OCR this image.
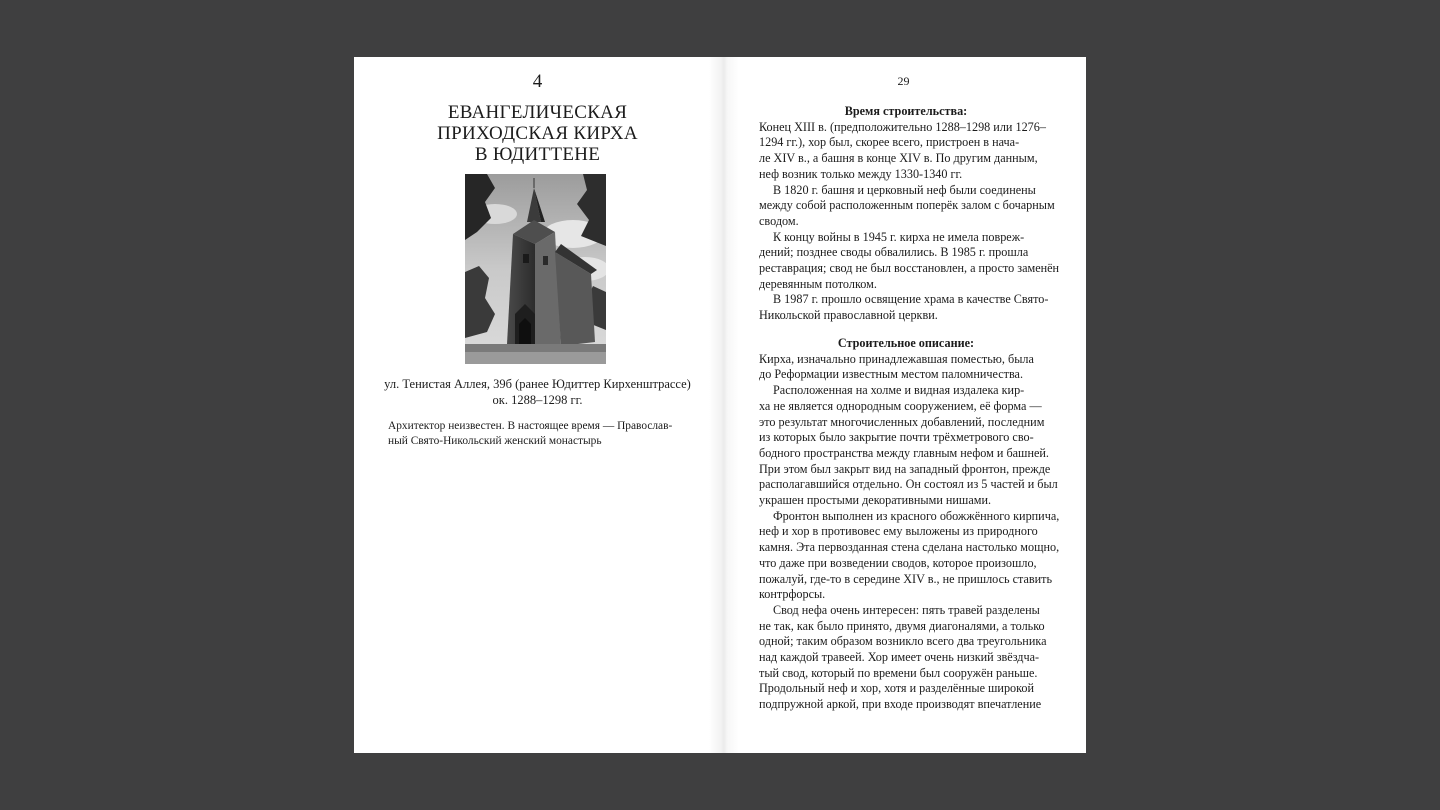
4
ЕВАНГЕЛИЧЕСКАЯ
ПРИХОДСКАЯ КИРХА
В ЮДИТТЕНЕ
ул. Тенистая Аллея, 39б (ранее Юдиттер Кирхенштрассе)
ок. 1288–1298 гг.
Архитектор неизвестен. В настоящее время — Православ-
ный Свято-Никольский женский монастырь
29
Время строительства:
Конец XIII в. (предположительно 1288–1298 или 1276–
1294 гг.), хор был, скорее всего, пристроен в нача-
ле XIV в., а башня в конце XIV в. По другим данным,
неф возник только между 1330-1340 гг.
В 1820 г. башня и церковный неф были соединены
между собой расположенным поперёк залом с бочарным
сводом.
К концу войны в 1945 г. кирха не имела поврeж-
дений; позднее своды обвалились. В 1985 г. прошла
реставрация; свод не был восстановлен, а просто заменён
деревянным потолком.
В 1987 г. прошло освящение храма в качестве Свято-
Никольской православной церкви.
Строительное описание:
Кирха, изначально принадлежавшая поместью, была
до Реформации известным местом паломничества.
Расположенная на холме и видная издалека кир-
ха не является однородным сооружением, её форма —
это результат многочисленных добавлений, последним
из которых было закрытие почти трёхметрового сво-
бодного пространства между главным нефом и башней.
При этом был закрыт вид на западный фронтон, прежде
располагавшийся отдельно. Он состоял из 5 частей и был
украшен простыми декоративными нишами.
Фронтон выполнен из красного обожжённого кирпича,
неф и хор в противовес ему выложены из природного
камня. Эта первозданная стена сделана настолько мощно,
что даже при возведении сводов, которое произошло,
пожалуй, где-то в середине XIV в., не пришлось ставить
контрфорсы.
Свод нефа очень интересен: пять травей разделены
не так, как было принято, двумя диагоналями, а только
одной; таким образом возникло всего два треугольника
над каждой травеей. Хор имеет очень низкий звёздча-
тый свод, который по времени был сооружён раньше.
Продольный неф и хор, хотя и разделённые широкой
подпружной аркой, при входе производят впечатление
